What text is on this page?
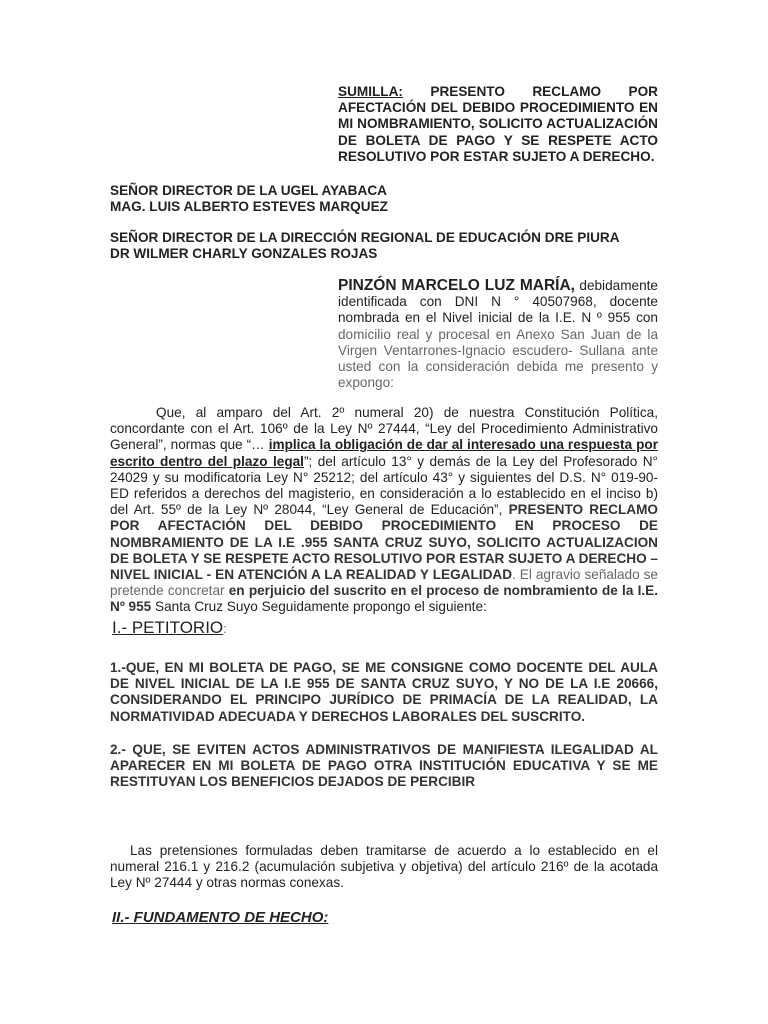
SUMILLA: PRESENTO RECLAMO POR AFECTACIÓN DEL DEBIDO PROCEDIMIENTO EN MI NOMBRAMIENTO, SOLICITO ACTUALIZACIÓN DE BOLETA DE PAGO Y SE RESPETE ACTO RESOLUTIVO POR ESTAR SUJETO A DERECHO.
SEÑOR DIRECTOR DE LA UGEL AYABACA
MAG. LUIS ALBERTO ESTEVES MARQUEZ
SEÑOR DIRECTOR DE LA DIRECCIÓN REGIONAL DE EDUCACIÓN DRE PIURA
DR WILMER CHARLY GONZALES ROJAS
PINZÓN MARCELO LUZ MARÍA, debidamente identificada con DNI N ° 40507968, docente nombrada en el Nivel inicial de la I.E. N º 955 con domicilio real y procesal en Anexo San Juan de la Virgen Ventarrones-Ignacio escudero- Sullana ante usted con la consideración debida me presento y expongo:
Que, al amparo del Art. 2º numeral 20) de nuestra Constitución Política, concordante con el Art. 106º de la Ley Nº 27444, “Ley del Procedimiento Administrativo General”, normas que “… implica la obligación de dar al interesado una respuesta por escrito dentro del plazo legal”; del artículo 13° y demás de la Ley del Profesorado N° 24029 y su modificatoria Ley N° 25212; del artículo 43° y siguientes del D.S. N° 019-90-ED referidos a derechos del magisterio, en consideración a lo establecido en el inciso b) del Art. 55º de la Ley Nº 28044, “Ley General de Educación”, PRESENTO RECLAMO POR AFECTACIÓN DEL DEBIDO PROCEDIMIENTO EN PROCESO DE NOMBRAMIENTO DE LA I.E .955 SANTA CRUZ SUYO, SOLICITO ACTUALIZACION DE BOLETA Y SE RESPETE ACTO RESOLUTIVO POR ESTAR SUJETO A DERECHO – NIVEL INICIAL - EN ATENCIÓN A LA REALIDAD Y LEGALIDAD. El agravio señalado se pretende concretar en perjuicio del suscrito en el proceso de nombramiento de la I.E. Nº 955 Santa Cruz Suyo Seguidamente propongo el siguiente:
I.- PETITORIO:
1.-QUE, EN MI BOLETA DE PAGO, SE ME CONSIGNE COMO DOCENTE DEL AULA DE NIVEL INICIAL DE LA I.E 955 DE SANTA CRUZ SUYO, Y NO DE LA I.E 20666, CONSIDERANDO EL PRINCIPO JURÍDICO DE PRIMACÍA DE LA REALIDAD, LA NORMATIVIDAD ADECUADA Y DERECHOS LABORALES DEL SUSCRITO.
2.- QUE, SE EVITEN ACTOS ADMINISTRATIVOS DE MANIFIESTA ILEGALIDAD AL APARECER EN MI BOLETA DE PAGO OTRA INSTITUCIÓN EDUCATIVA Y SE ME RESTITUYAN LOS BENEFICIOS DEJADOS DE PERCIBIR
Las pretensiones formuladas deben tramitarse de acuerdo a lo establecido en el numeral 216.1 y 216.2 (acumulación subjetiva y objetiva) del artículo 216º de la acotada Ley Nº 27444 y otras normas conexas.
II.- FUNDAMENTO DE HECHO:
